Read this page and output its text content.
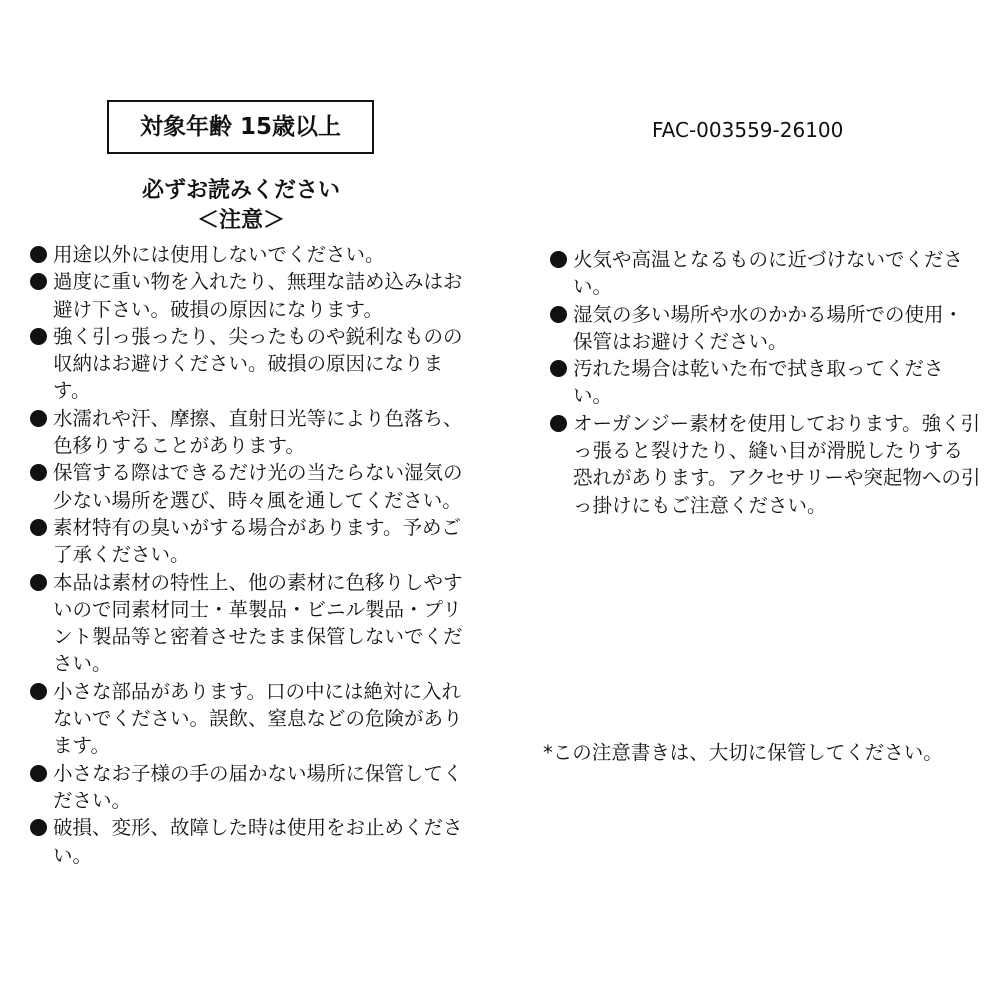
対象年齢 15歳以上	FAC-003559-26100
必ずお読みください
＜注意＞
用途以外には使用しないでください。
過度に重い物を入れたり、無理な詰め込みはお避け下さい。破損の原因になります。
強く引っ張ったり、尖ったものや鋭利なものの収納はお避けください。破損の原因になります。
水濡れや汗、摩擦、直射日光等により色落ち、色移りすることがあります。
保管する際はできるだけ光の当たらない湿気の少ない場所を選び、時々風を通してください。
素材特有の臭いがする場合があります。予めご了承ください。
本品は素材の特性上、他の素材に色移りしやすいので同素材同士・革製品・ビニル製品・プリント製品等と密着させたまま保管しないでください。
小さな部品があります。口の中には絶対に入れないでください。誤飲、窒息などの危険があります。
小さなお子様の手の届かない場所に保管してください。
破損、変形、故障した時は使用をお止めください。
火気や高温となるものに近づけないでください。
湿気の多い場所や水のかかる場所での使用・保管はお避けください。
汚れた場合は乾いた布で拭き取ってください。
オーガンジー素材を使用しております。強く引っ張ると裂けたり、縫い目が滑脱したりする恐れがあります。アクセサリーや突起物への引っ掛けにもご注意ください。
*この注意書きは、大切に保管してください。
